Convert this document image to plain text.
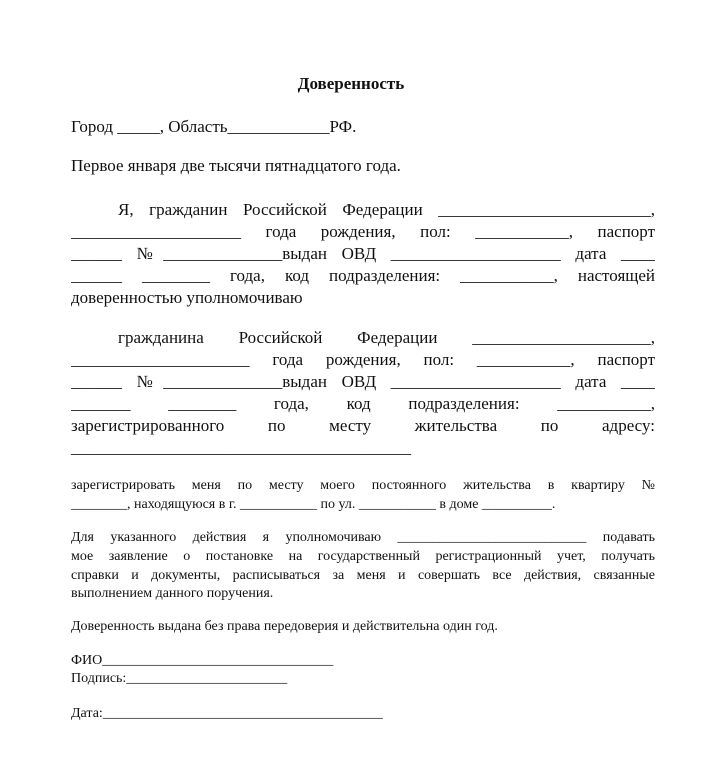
Доверенность
Город _____, Область____________РФ.
Первое января две тысячи пятнадцатого года.
Я, гражданин Российской Федерации _________________________,
____________________ года рождения, пол: ___________, паспорт
______ №______________выдан ОВД ____________________ дата ____
______ ________ года, код подразделения: ___________, настоящей
доверенностью уполномочиваю
гражданина Российской Федерации _____________________,
_____________________ года рождения, пол: ___________, паспорт
______ №______________выдан ОВД ____________________ дата ____
_______ ________ года, код подразделения: ___________,
зарегистрированного по месту жительства по адресу:
________________________________________
зарегистрировать меня по месту моего постоянного жительства в квартиру №
________, находящуюся в г. ___________ по ул. ___________ в доме __________.
Для указанного действия я уполномочиваю ___________________________ подавать
мое заявление о постановке на государственный регистрационный учет, получать
справки и документы, расписываться за меня и совершать все действия, связанные
выполнением данного поручения.
Доверенность выдана без права передоверия и действительна один год.
ФИО_________________________________
Подпись:_______________________
Дата:________________________________________
